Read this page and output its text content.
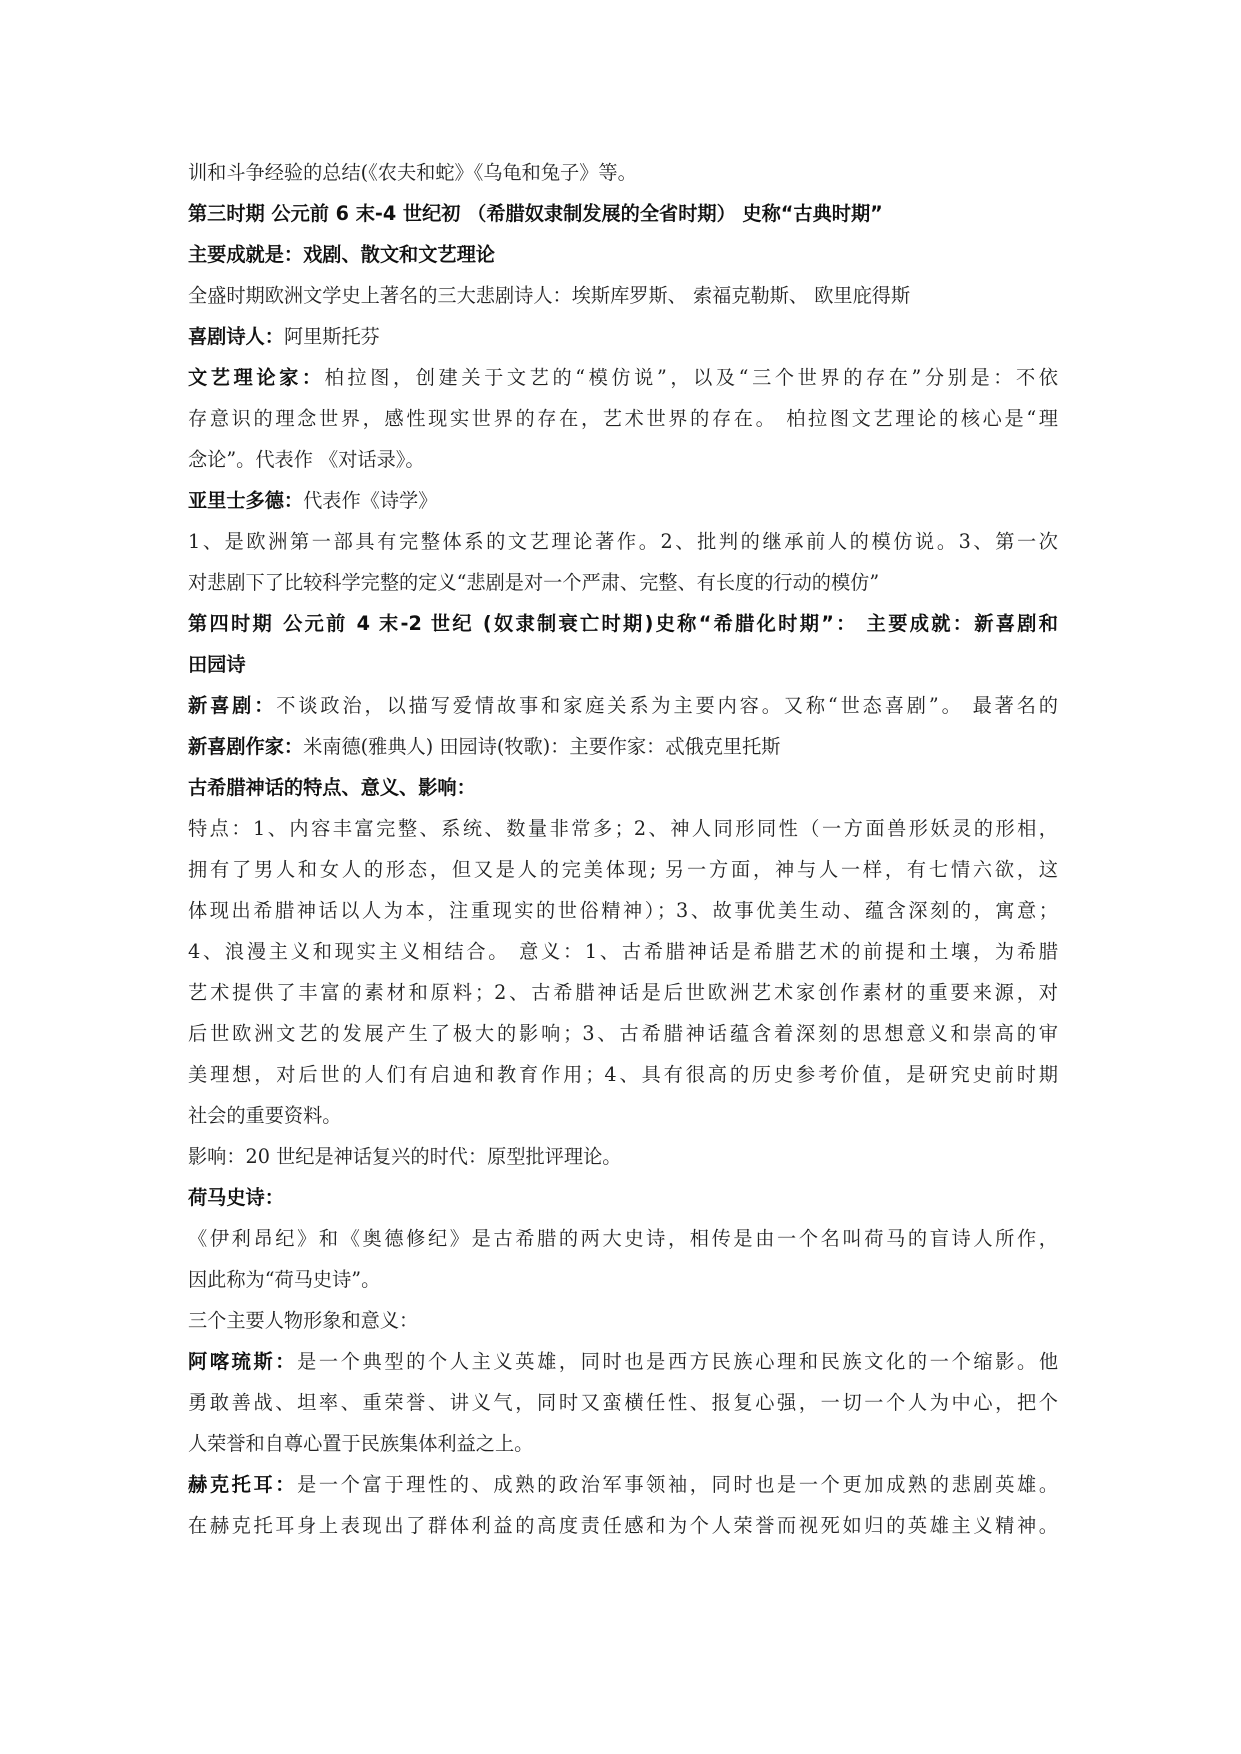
训和斗争经验的总结(《农夫和蛇》《乌龟和兔子》等。
第三时期 公元前 6 末-4 世纪初 （希腊奴隶制发展的全省时期） 史称“古典时期”
主要成就是：戏剧、散文和文艺理论
全盛时期欧洲文学史上著名的三大悲剧诗人：埃斯库罗斯、 索福克勒斯、 欧里庇得斯
喜剧诗人：阿里斯托芬
文艺理论家：柏拉图，创建关于文艺的“模仿说”，以及“三个世界的存在”分别是：不依
存意识的理念世界，感性现实世界的存在，艺术世界的存在。 柏拉图文艺理论的核心是“理
念论”。代表作 《对话录》。
亚里士多德：代表作《诗学》
1、是欧洲第一部具有完整体系的文艺理论著作。2、批判的继承前人的模仿说。3、第一次
对悲剧下了比较科学完整的定义“悲剧是对一个严肃、完整、有长度的行动的模仿”
第四时期 公元前 4 末-2 世纪 (奴隶制衰亡时期)史称“希腊化时期”： 主要成就：新喜剧和
田园诗
新喜剧：不谈政治，以描写爱情故事和家庭关系为主要内容。又称“世态喜剧”。 最著名的
新喜剧作家：米南德(雅典人) 田园诗(牧歌)：主要作家：忒俄克里托斯
古希腊神话的特点、意义、影响：
特点：1、内容丰富完整、系统、数量非常多；2、神人同形同性（一方面兽形妖灵的形相，
拥有了男人和女人的形态，但又是人的完美体现; 另一方面，神与人一样，有七情六欲，这
体现出希腊神话以人为本，注重现实的世俗精神）；3、故事优美生动、蕴含深刻的，寓意；
4、浪漫主义和现实主义相结合。 意义：1、古希腊神话是希腊艺术的前提和土壤，为希腊
艺术提供了丰富的素材和原料；2、古希腊神话是后世欧洲艺术家创作素材的重要来源，对
后世欧洲文艺的发展产生了极大的影响；3、古希腊神话蕴含着深刻的思想意义和崇高的审
美理想，对后世的人们有启迪和教育作用；4、具有很高的历史参考价值，是研究史前时期
社会的重要资料。
影响：20 世纪是神话复兴的时代：原型批评理论。
荷马史诗：
《伊利昂纪》和《奥德修纪》是古希腊的两大史诗，相传是由一个名叫荷马的盲诗人所作，
因此称为“荷马史诗”。
三个主要人物形象和意义：
阿喀琉斯：是一个典型的个人主义英雄，同时也是西方民族心理和民族文化的一个缩影。他
勇敢善战、坦率、重荣誉、讲义气，同时又蛮横任性、报复心强，一切一个人为中心，把个
人荣誉和自尊心置于民族集体利益之上。
赫克托耳：是一个富于理性的、成熟的政治军事领袖，同时也是一个更加成熟的悲剧英雄。
在赫克托耳身上表现出了群体利益的高度责任感和为个人荣誉而视死如归的英雄主义精神。
